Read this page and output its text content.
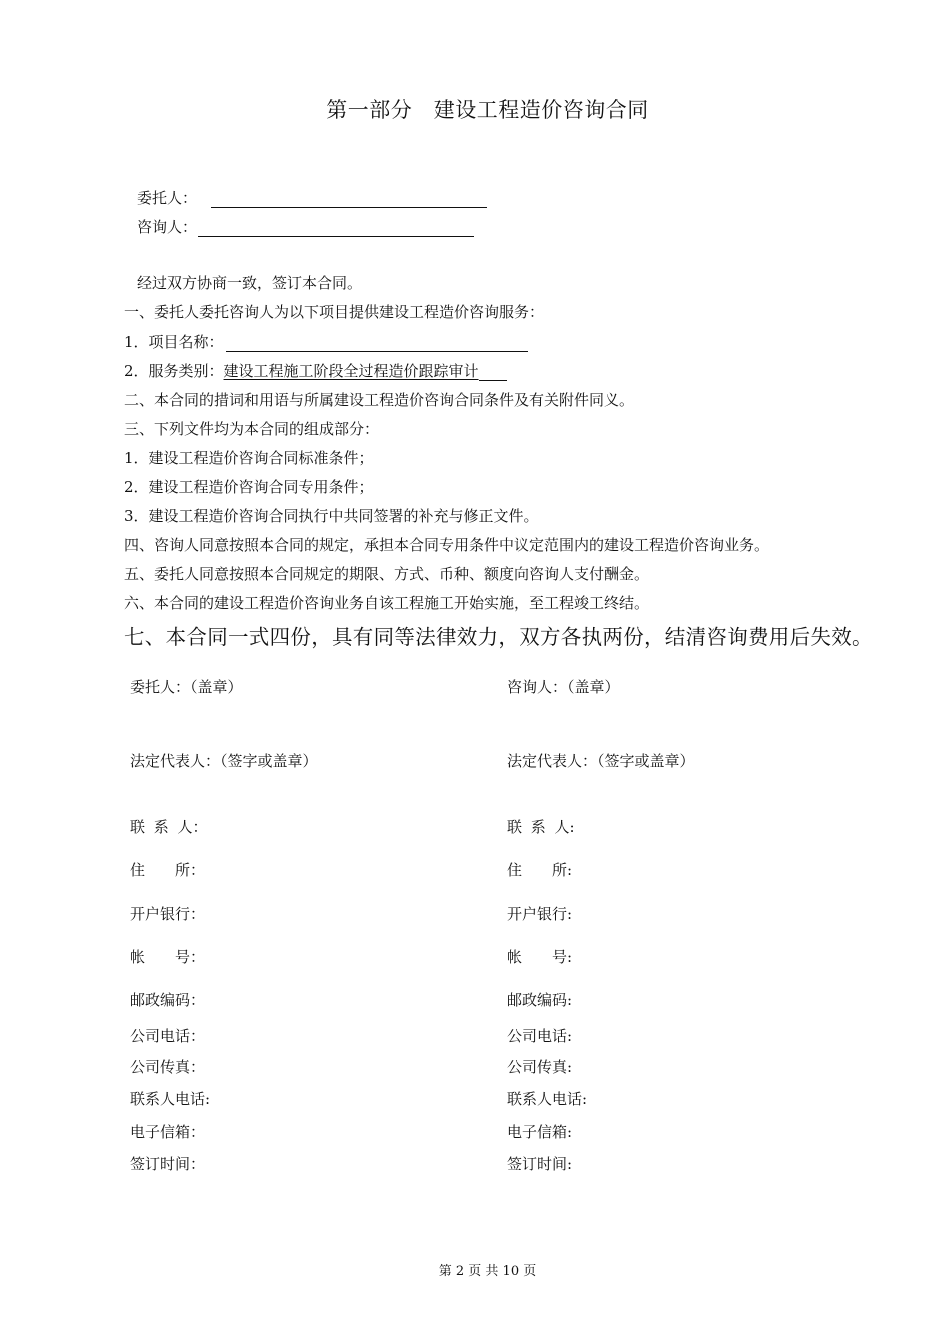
第一部分　建设工程造价咨询合同
委托人：
咨询人：
经过双方协商一致，签订本合同。
一、委托人委托咨询人为以下项目提供建设工程造价咨询服务：
1．项目名称：
2．服务类别：建设工程施工阶段全过程造价跟踪审计
二、本合同的措词和用语与所属建设工程造价咨询合同条件及有关附件同义。
三、下列文件均为本合同的组成部分：
1．建设工程造价咨询合同标准条件；
2．建设工程造价咨询合同专用条件；
3．建设工程造价咨询合同执行中共同签署的补充与修正文件。
四、咨询人同意按照本合同的规定，承担本合同专用条件中议定范围内的建设工程造价咨询业务。
五、委托人同意按照本合同规定的期限、方式、币种、额度向咨询人支付酬金。
六、本合同的建设工程造价咨询业务自该工程施工开始实施，至工程竣工终结。
七、本合同一式四份，具有同等法律效力，双方各执两份，结清咨询费用后失效。
委托人：（盖章）
法定代表人：（签字或盖章）
联 系 人：
住　　所：
开户银行：
帐　　号：
邮政编码：
公司电话：
公司传真：
联系人电话:
电子信箱：
签订时间：
咨询人：（盖章）
法定代表人：（签字或盖章）
联 系 人:
住　　所:
开户银行:
帐　　号:
邮政编码:
公司电话:
公司传真:
联系人电话:
电子信箱:
签订时间:
第 2 页 共 10 页
